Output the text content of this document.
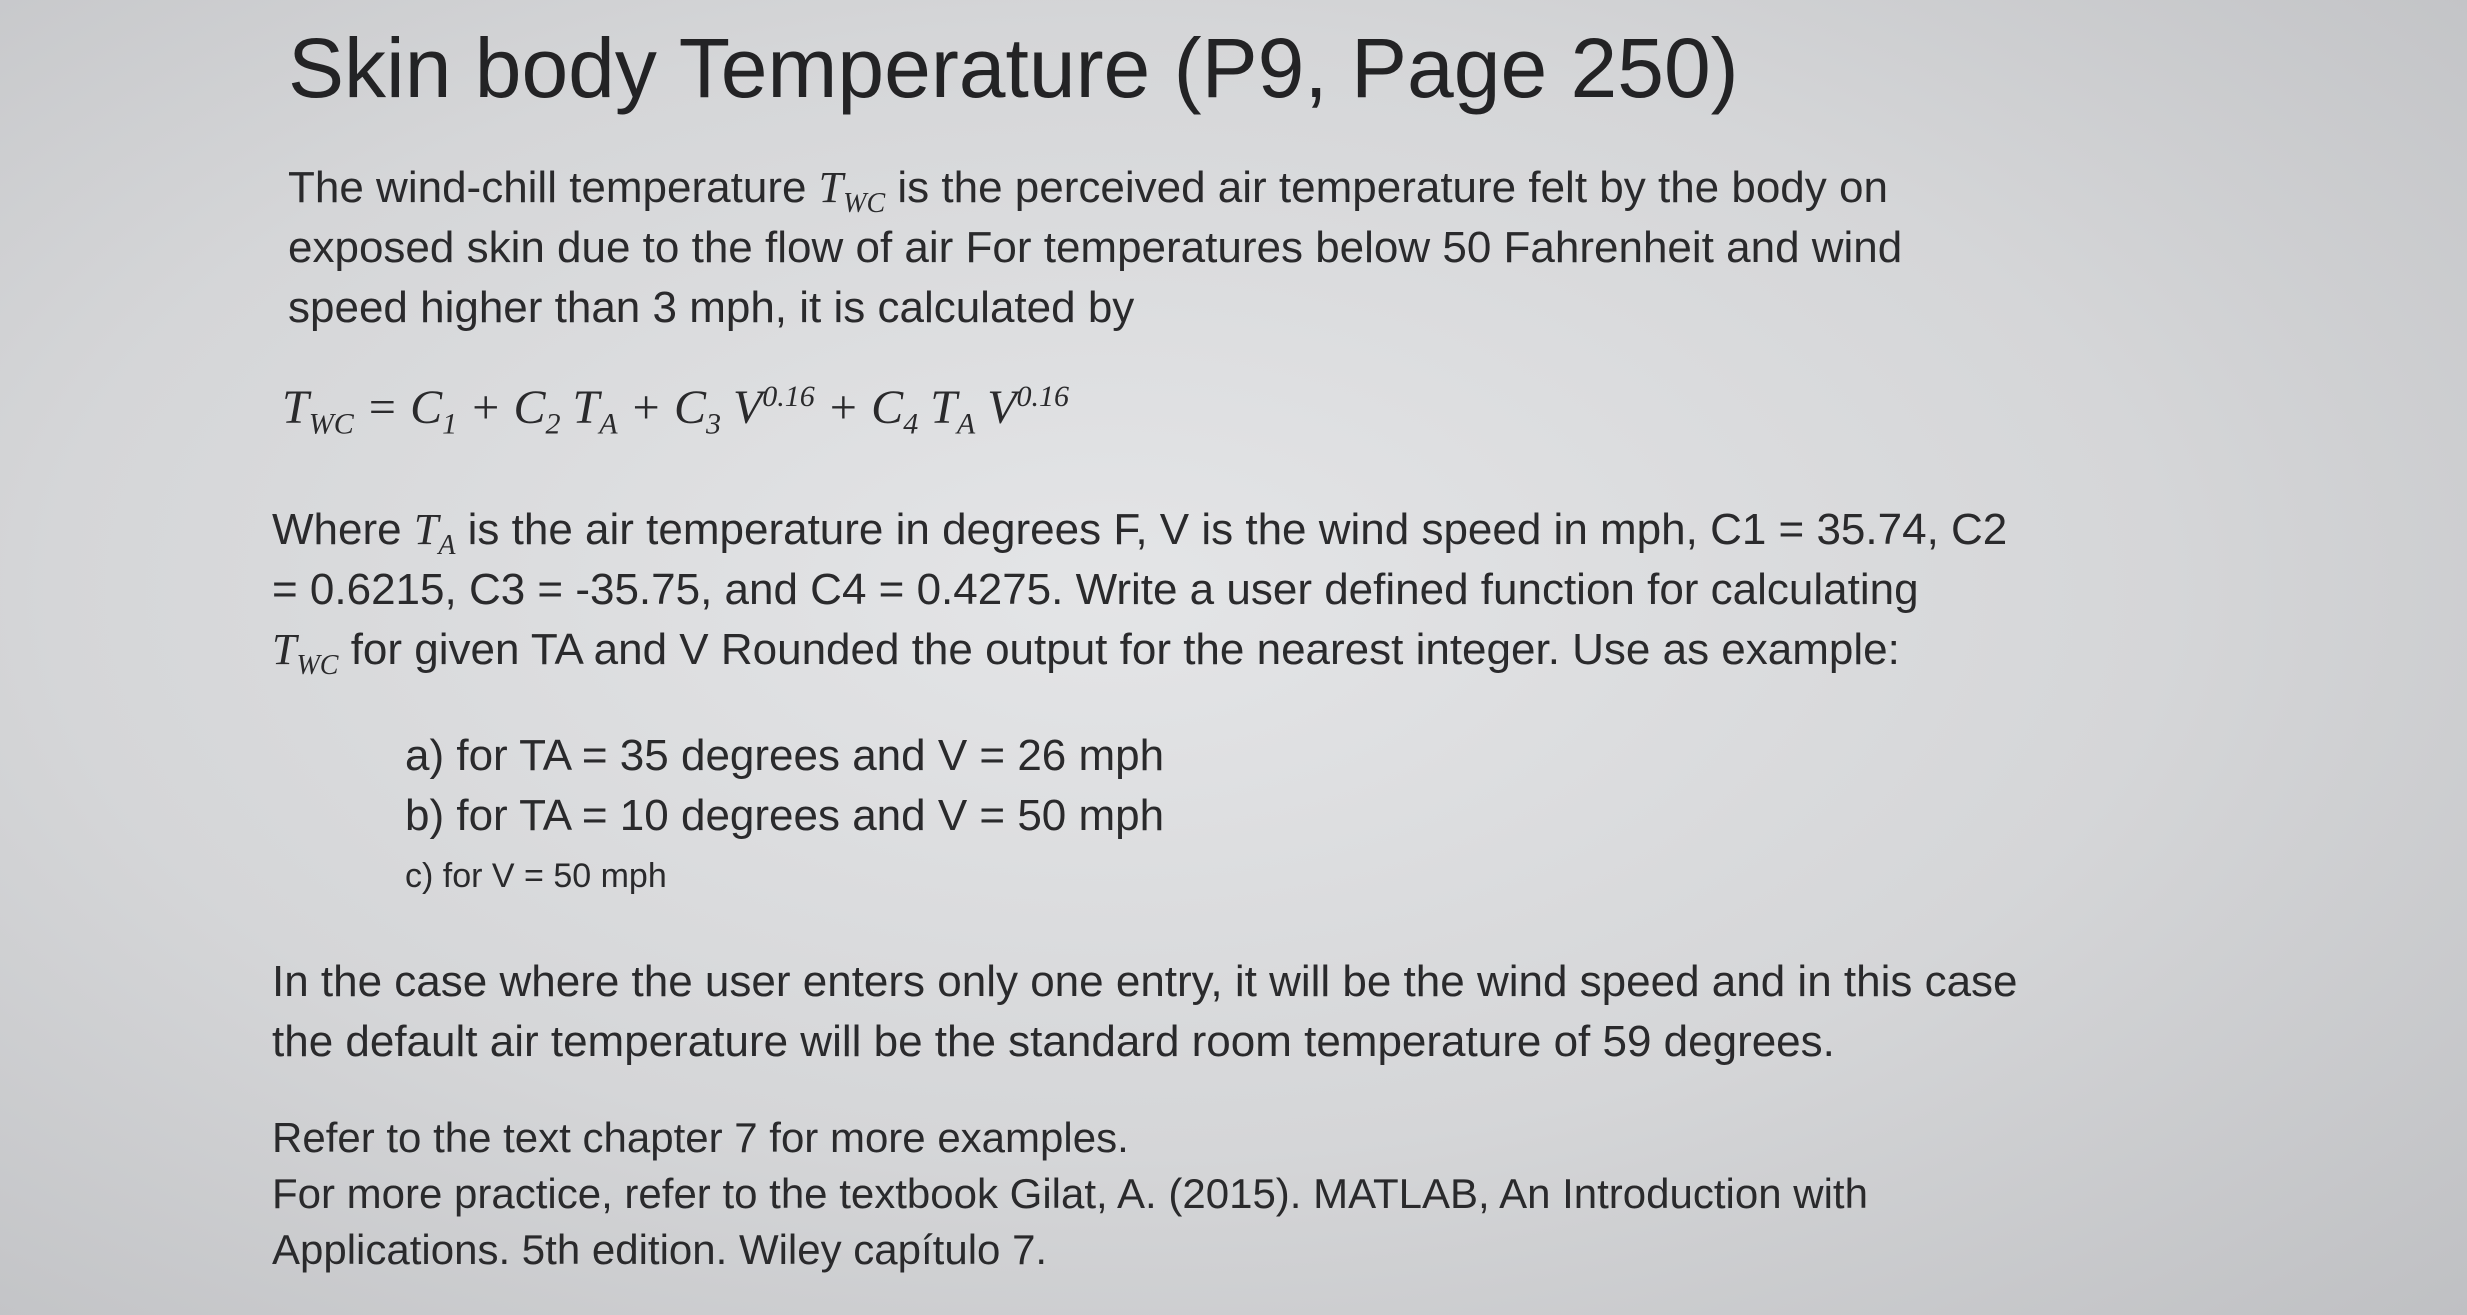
Skin body Temperature (P9, Page 250)
The wind-chill temperature $T_{WC}$ is the perceived air temperature felt by the body on
exposed skin due to the flow of air For temperatures below 50 Fahrenheit and wind
speed higher than 3 mph, it is calculated by
$T_{WC} = C_1 + C_2$ $T_A + C_3$ $V^{0.16} + C_4$ $T_A$ $V^{0.16}$
Where $T_A$ is the air temperature in degrees F, V is the wind speed in mph, C1 = 35.74, C2
= 0.6215, C3 = -35.75, and C4 = 0.4275. Write a user defined function for calculating
$T_{WC}$ for given TA and V Rounded the output for the nearest integer. Use as example:
a) for TA = 35 degrees and V = 26 mph
b) for TA = 10 degrees and V = 50 mph
c) for V = 50 mph
In the case where the user enters only one entry, it will be the wind speed and in this case
the default air temperature will be the standard room temperature of 59 degrees.
Refer to the text chapter 7 for more examples.
For more practice, refer to the textbook Gilat, A. (2015). MATLAB, An Introduction with
Applications. 5th edition. Wiley capítulo 7.
